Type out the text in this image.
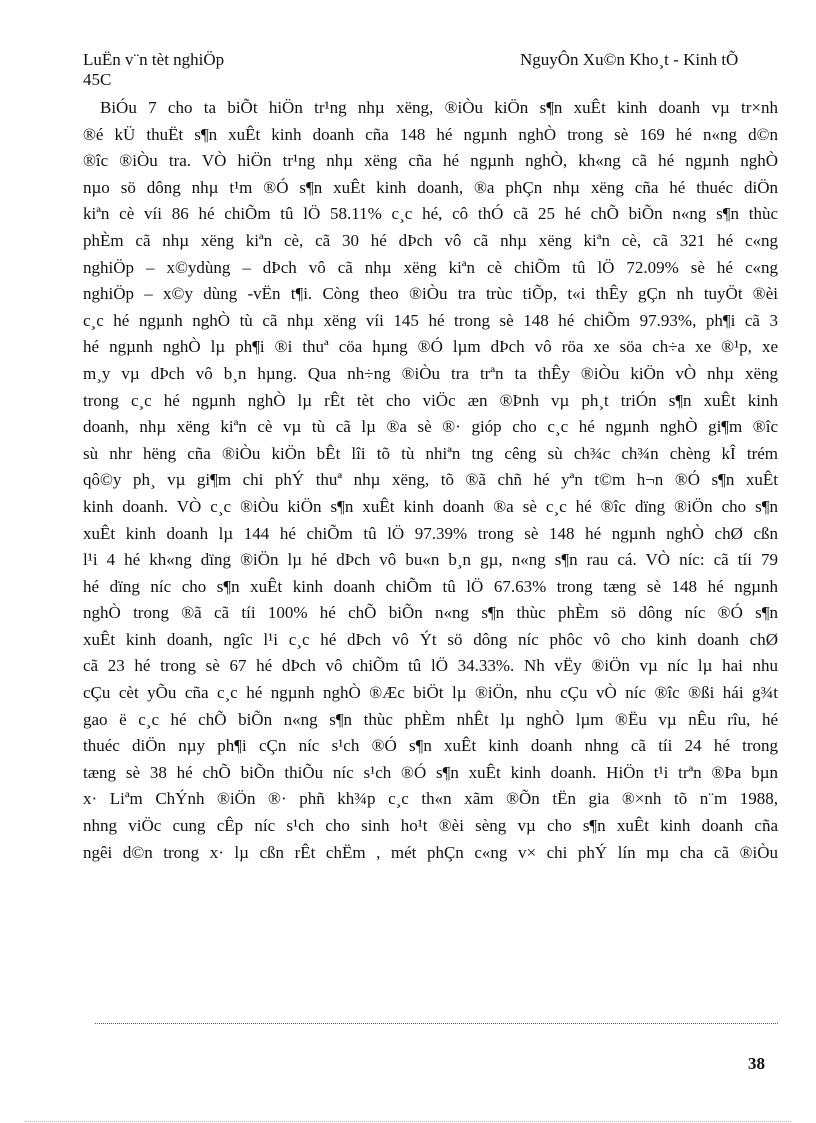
LuËn v¨n tèt nghiÖp
45C
NguyÔn Xu©n Kho¸t - Kinh tÕ
BiÓu 7 cho ta biÕt hiÖn tr¹ng nhµ xëng, ®iÒu kiÖn s¶n xuÊt kinh doanh vµ tr×nh
®é kÜ thuËt s¶n xuÊt kinh doanh cña 148 hé ngµnh nghÒ trong sè 169 hé n«ng d©n
®îc ®iÒu tra. VÒ hiÖn tr¹ng nhµ xëng cña hé ngµnh nghÒ, kh«ng cã hé ngµnh nghÒ
nµo sö dông nhµ t¹m ®Ó s¶n xuÊt kinh doanh, ®a phÇn nhµ xëng cña hé thuéc diÖn
kiªn cè víi 86 hé chiÕm tû lÖ 58.11% c¸c hé, cô thÓ cã 25 hé chÕ biÕn n«ng s¶n thùc
phÈm cã nhµ xëng kiªn cè, cã 30 hé dÞch vô cã nhµ xëng kiªn cè, cã 321 hé c«ng
nghiÖp – x©ydùng – dÞch vô cã nhµ xëng kiªn cè chiÕm tû lÖ 72.09% sè hé c«ng
nghiÖp – x©y dùng -vËn t¶i. Còng theo ®iÒu tra trùc tiÕp, t«i thÊy gÇn nh tuyÖt ®èi
c¸c hé ngµnh nghÒ tù cã nhµ xëng víi 145 hé trong sè 148 hé chiÕm 97.93%, ph¶i cã 3
hé ngµnh nghÒ lµ ph¶i ®i thuª cöa hµng ®Ó lµm dÞch vô röa xe söa ch÷a xe ®¹p, xe
m¸y vµ dÞch vô b¸n hµng. Qua nh÷ng ®iÒu tra trªn ta thÊy ®iÒu kiÖn vÒ nhµ xëng
trong c¸c hé ngµnh nghÒ lµ rÊt tèt cho viÖc æn ®Þnh vµ ph¸t triÓn s¶n xuÊt kinh
doanh, nhµ xëng kiªn cè vµ tù cã lµ ®a sè ®· gióp cho c¸c hé ngµnh nghÒ gi¶m ®îc
sù nhr hëng cña ®iÒu kiÖn bÊt lîi tõ tù nhiªn tng cêng sù ch¾c ch¾n chèng kÎ trém
qô©y ph¸ vµ gi¶m chi phÝ thuª nhµ xëng, tõ ®ã chñ hé yªn t©m h¬n ®Ó s¶n xuÊt
kinh doanh. VÒ c¸c ®iÒu kiÖn s¶n xuÊt kinh doanh ®a sè c¸c hé ®îc dïng ®iÖn cho s¶n
xuÊt kinh doanh lµ 144 hé chiÕm tû lÖ 97.39% trong sè 148 hé ngµnh nghÒ chØ cßn
l¹i 4 hé kh«ng dïng ®iÖn lµ hé dÞch vô bu«n b¸n gµ, n«ng s¶n rau cá. VÒ níc: cã tíi 79
hé dïng níc cho s¶n xuÊt kinh doanh chiÕm tû lÖ 67.63% trong tæng sè 148 hé ngµnh
nghÒ trong ®ã cã tíi 100% hé chÕ biÕn n«ng s¶n thùc phÈm sö dông níc ®Ó s¶n
xuÊt kinh doanh, ngîc l¹i c¸c hé dÞch vô Ýt sö dông níc phôc vô cho kinh doanh chØ
cã 23 hé trong sè 67 hé dÞch vô chiÕm tû lÖ 34.33%. Nh vËy ®iÖn vµ níc lµ hai nhu
cÇu cèt yÕu cña c¸c hé ngµnh nghÒ ®Æc biÖt lµ ®iÖn, nhu cÇu vÒ níc ®îc ®ßi hái g¾t
gao ë c¸c hé chÕ biÕn n«ng s¶n thùc phÈm nhÊt lµ nghÒ lµm ®Ëu vµ nÊu rîu, hé
thuéc diÖn nµy ph¶i cÇn níc s¹ch ®Ó s¶n xuÊt kinh doanh nhng cã tíi 24 hé trong
tæng sè 38 hé chÕ biÕn thiÕu níc s¹ch ®Ó s¶n xuÊt kinh doanh. HiÖn t¹i trªn ®Þa bµn
x· Liªm ChÝnh ®iÖn ®· phñ kh¾p c¸c th«n xãm ®Õn tËn gia ®×nh tõ n¨m 1988,
nhng viÖc cung cÊp níc s¹ch cho sinh ho¹t ®èi sèng vµ cho s¶n xuÊt kinh doanh cña
ngêi d©n trong x· lµ cßn rÊt chËm , mét phÇn c«ng v× chi phÝ lín mµ cha cã ®iÒu
38
